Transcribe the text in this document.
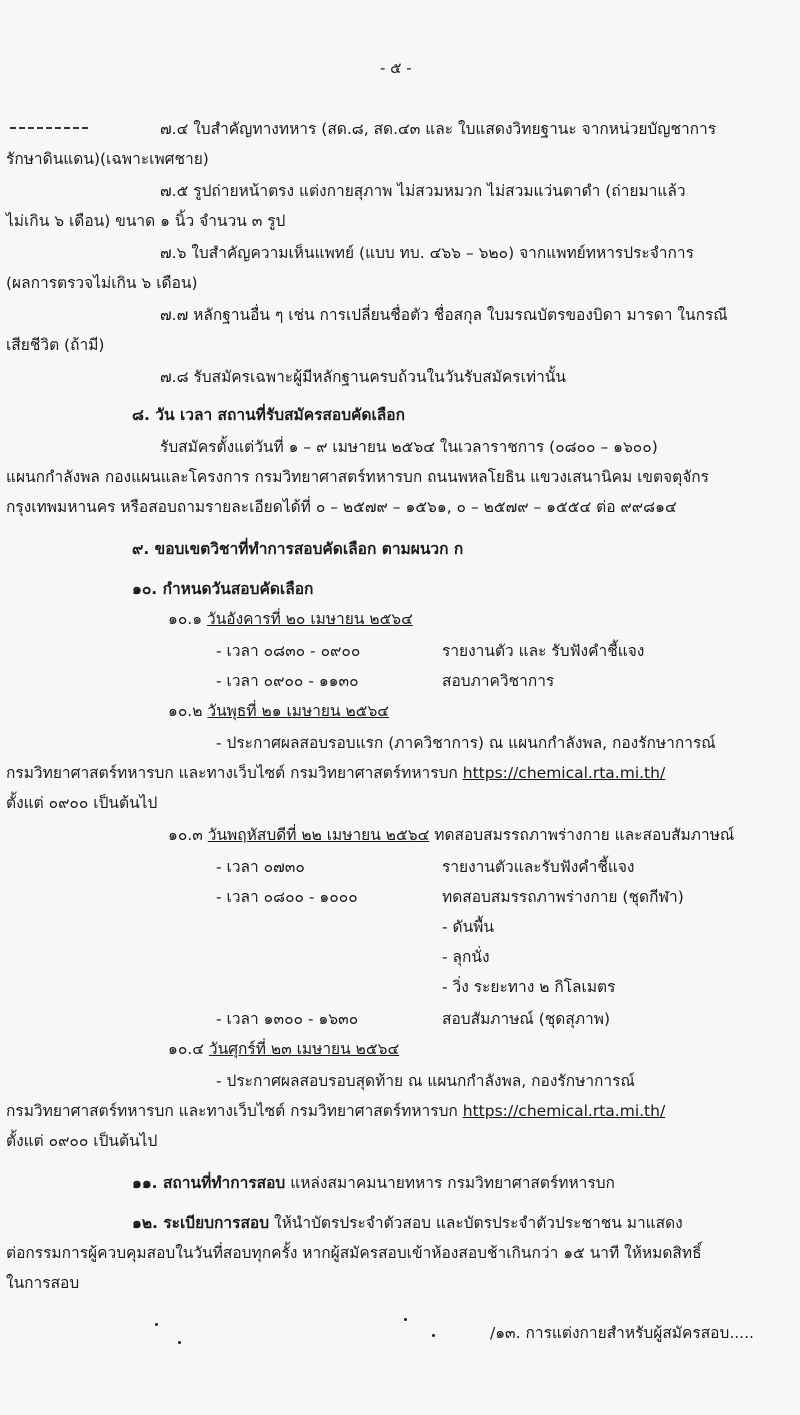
- ๕ -
๗.๔ ใบสำคัญทางทหาร (สด.๘, สด.๔๓ และ ใบแสดงวิทยฐานะ จากหน่วยบัญชาการ
รักษาดินแดน)(เฉพาะเพศชาย)
๗.๕ รูปถ่ายหน้าตรง แต่งกายสุภาพ ไม่สวมหมวก ไม่สวมแว่นตาดำ (ถ่ายมาแล้ว
ไม่เกิน ๖ เดือน) ขนาด ๑ นิ้ว จำนวน ๓ รูป
๗.๖ ใบสำคัญความเห็นแพทย์ (แบบ ทบ. ๔๖๖ – ๖๒๐) จากแพทย์ทหารประจำการ
(ผลการตรวจไม่เกิน ๖ เดือน)
๗.๗ หลักฐานอื่น ๆ เช่น การเปลี่ยนชื่อตัว ชื่อสกุล ใบมรณบัตรของบิดา มารดา ในกรณี
เสียชีวิต (ถ้ามี)
๗.๘ รับสมัครเฉพาะผู้มีหลักฐานครบถ้วนในวันรับสมัครเท่านั้น
๘. วัน เวลา สถานที่รับสมัครสอบคัดเลือก
รับสมัครตั้งแต่วันที่ ๑ – ๙ เมษายน ๒๕๖๔ ในเวลาราชการ (๐๘๐๐ – ๑๖๐๐)
แผนกกำลังพล กองแผนและโครงการ กรมวิทยาศาสตร์ทหารบก ถนนพหลโยธิน แขวงเสนานิคม เขตจตุจักร
กรุงเทพมหานคร หรือสอบถามรายละเอียดได้ที่ ๐ – ๒๕๗๙ – ๑๕๖๑, ๐ – ๒๕๗๙ – ๑๕๕๔ ต่อ ๙๙๘๑๔
๙. ขอบเขตวิชาที่ทำการสอบคัดเลือก ตามผนวก ก
๑๐. กำหนดวันสอบคัดเลือก
๑๐.๑ วันอังคารที่ ๒๐ เมษายน ๒๕๖๔
- เวลา ๐๘๓๐ - ๐๙๐๐	รายงานตัว และ รับฟังคำชี้แจง
- เวลา ๐๙๐๐ - ๑๑๓๐	สอบภาควิชาการ
๑๐.๒ วันพุธที่ ๒๑ เมษายน ๒๕๖๔
- ประกาศผลสอบรอบแรก (ภาควิชาการ) ณ แผนกกำลังพล, กองรักษาการณ์
กรมวิทยาศาสตร์ทหารบก และทางเว็บไซต์ กรมวิทยาศาสตร์ทหารบก https://chemical.rta.mi.th/
ตั้งแต่ ๐๙๐๐ เป็นต้นไป
๑๐.๓ วันพฤหัสบดีที่ ๒๒ เมษายน ๒๕๖๔ ทดสอบสมรรถภาพร่างกาย และสอบสัมภาษณ์
- เวลา ๐๗๓๐	รายงานตัวและรับฟังคำชี้แจง
- เวลา ๐๘๐๐ - ๑๐๐๐	ทดสอบสมรรถภาพร่างกาย (ชุดกีฬา)
- ดันพื้น
- ลุกนั่ง
- วิ่ง ระยะทาง ๒ กิโลเมตร
- เวลา ๑๓๐๐ - ๑๖๓๐	สอบสัมภาษณ์ (ชุดสุภาพ)
๑๐.๔ วันศุกร์ที่ ๒๓ เมษายน ๒๕๖๔
- ประกาศผลสอบรอบสุดท้าย ณ แผนกกำลังพล, กองรักษาการณ์
กรมวิทยาศาสตร์ทหารบก และทางเว็บไซต์ กรมวิทยาศาสตร์ทหารบก https://chemical.rta.mi.th/
ตั้งแต่ ๐๙๐๐ เป็นต้นไป
๑๑. สถานที่ทำการสอบ แหล่งสมาคมนายทหาร กรมวิทยาศาสตร์ทหารบก
๑๒. ระเบียบการสอบ ให้นำบัตรประจำตัวสอบ และบัตรประจำตัวประชาชน มาแสดง
ต่อกรรมการผู้ควบคุมสอบในวันที่สอบทุกครั้ง หากผู้สมัครสอบเข้าห้องสอบช้าเกินกว่า ๑๕ นาที ให้หมดสิทธิ์
ในการสอบ
/๑๓. การแต่งกายสำหรับผู้สมัครสอบ.....
